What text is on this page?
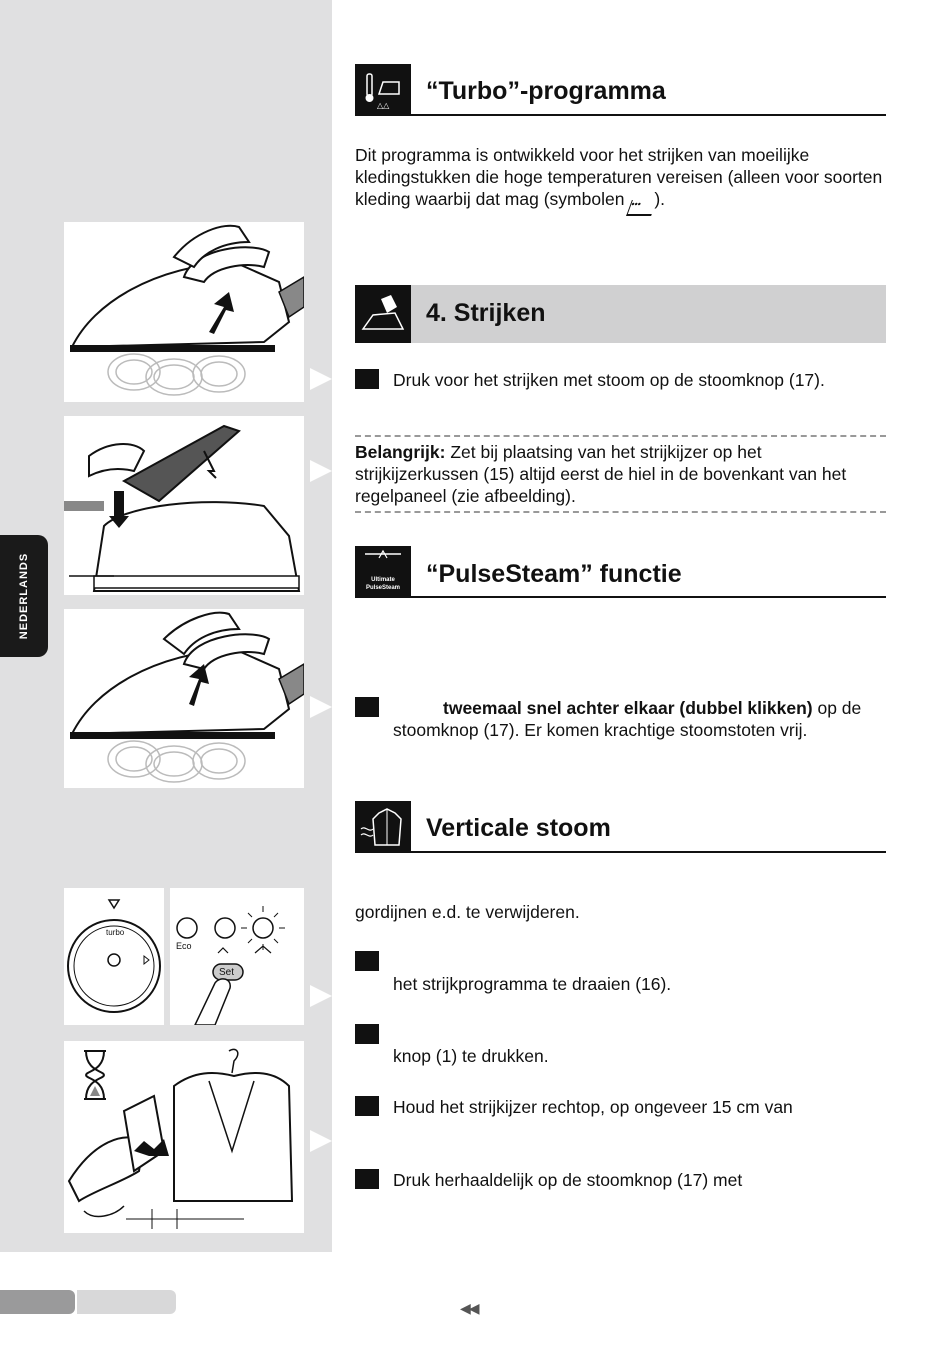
turbo
Eco
Set
NEDERLANDS
△△
“Turbo”-programma
Dit programma is ontwikkeld voor het strijken van moeilijke kledingstukken die hoge temperaturen vereisen (alleen voor soorten kleding waarbij dat mag (symbolen ••• ).
4. Strijken
Druk voor het strijken met stoom op de stoomknop (17).
Belangrijk: Zet bij plaatsing van het strijkijzer op het strijkijzerkussen (15) altijd eerst de hiel in de bovenkant van het regelpaneel (zie afbeelding).
Ultimate
PulseSteam	“PulseSteam” functie
tweemaal snel achter elkaar (dubbel klikken) op de stoomknop (17). Er komen krachtige stoomstoten vrij.
Verticale stoom
gordijnen e.d. te verwijderen.
het strijkprogramma te draaien (16).
knop (1) te drukken.
Houd het strijkijzer rechtop, op ongeveer 15 cm van
Druk herhaaldelijk op de stoomknop (17) met
◀◀
